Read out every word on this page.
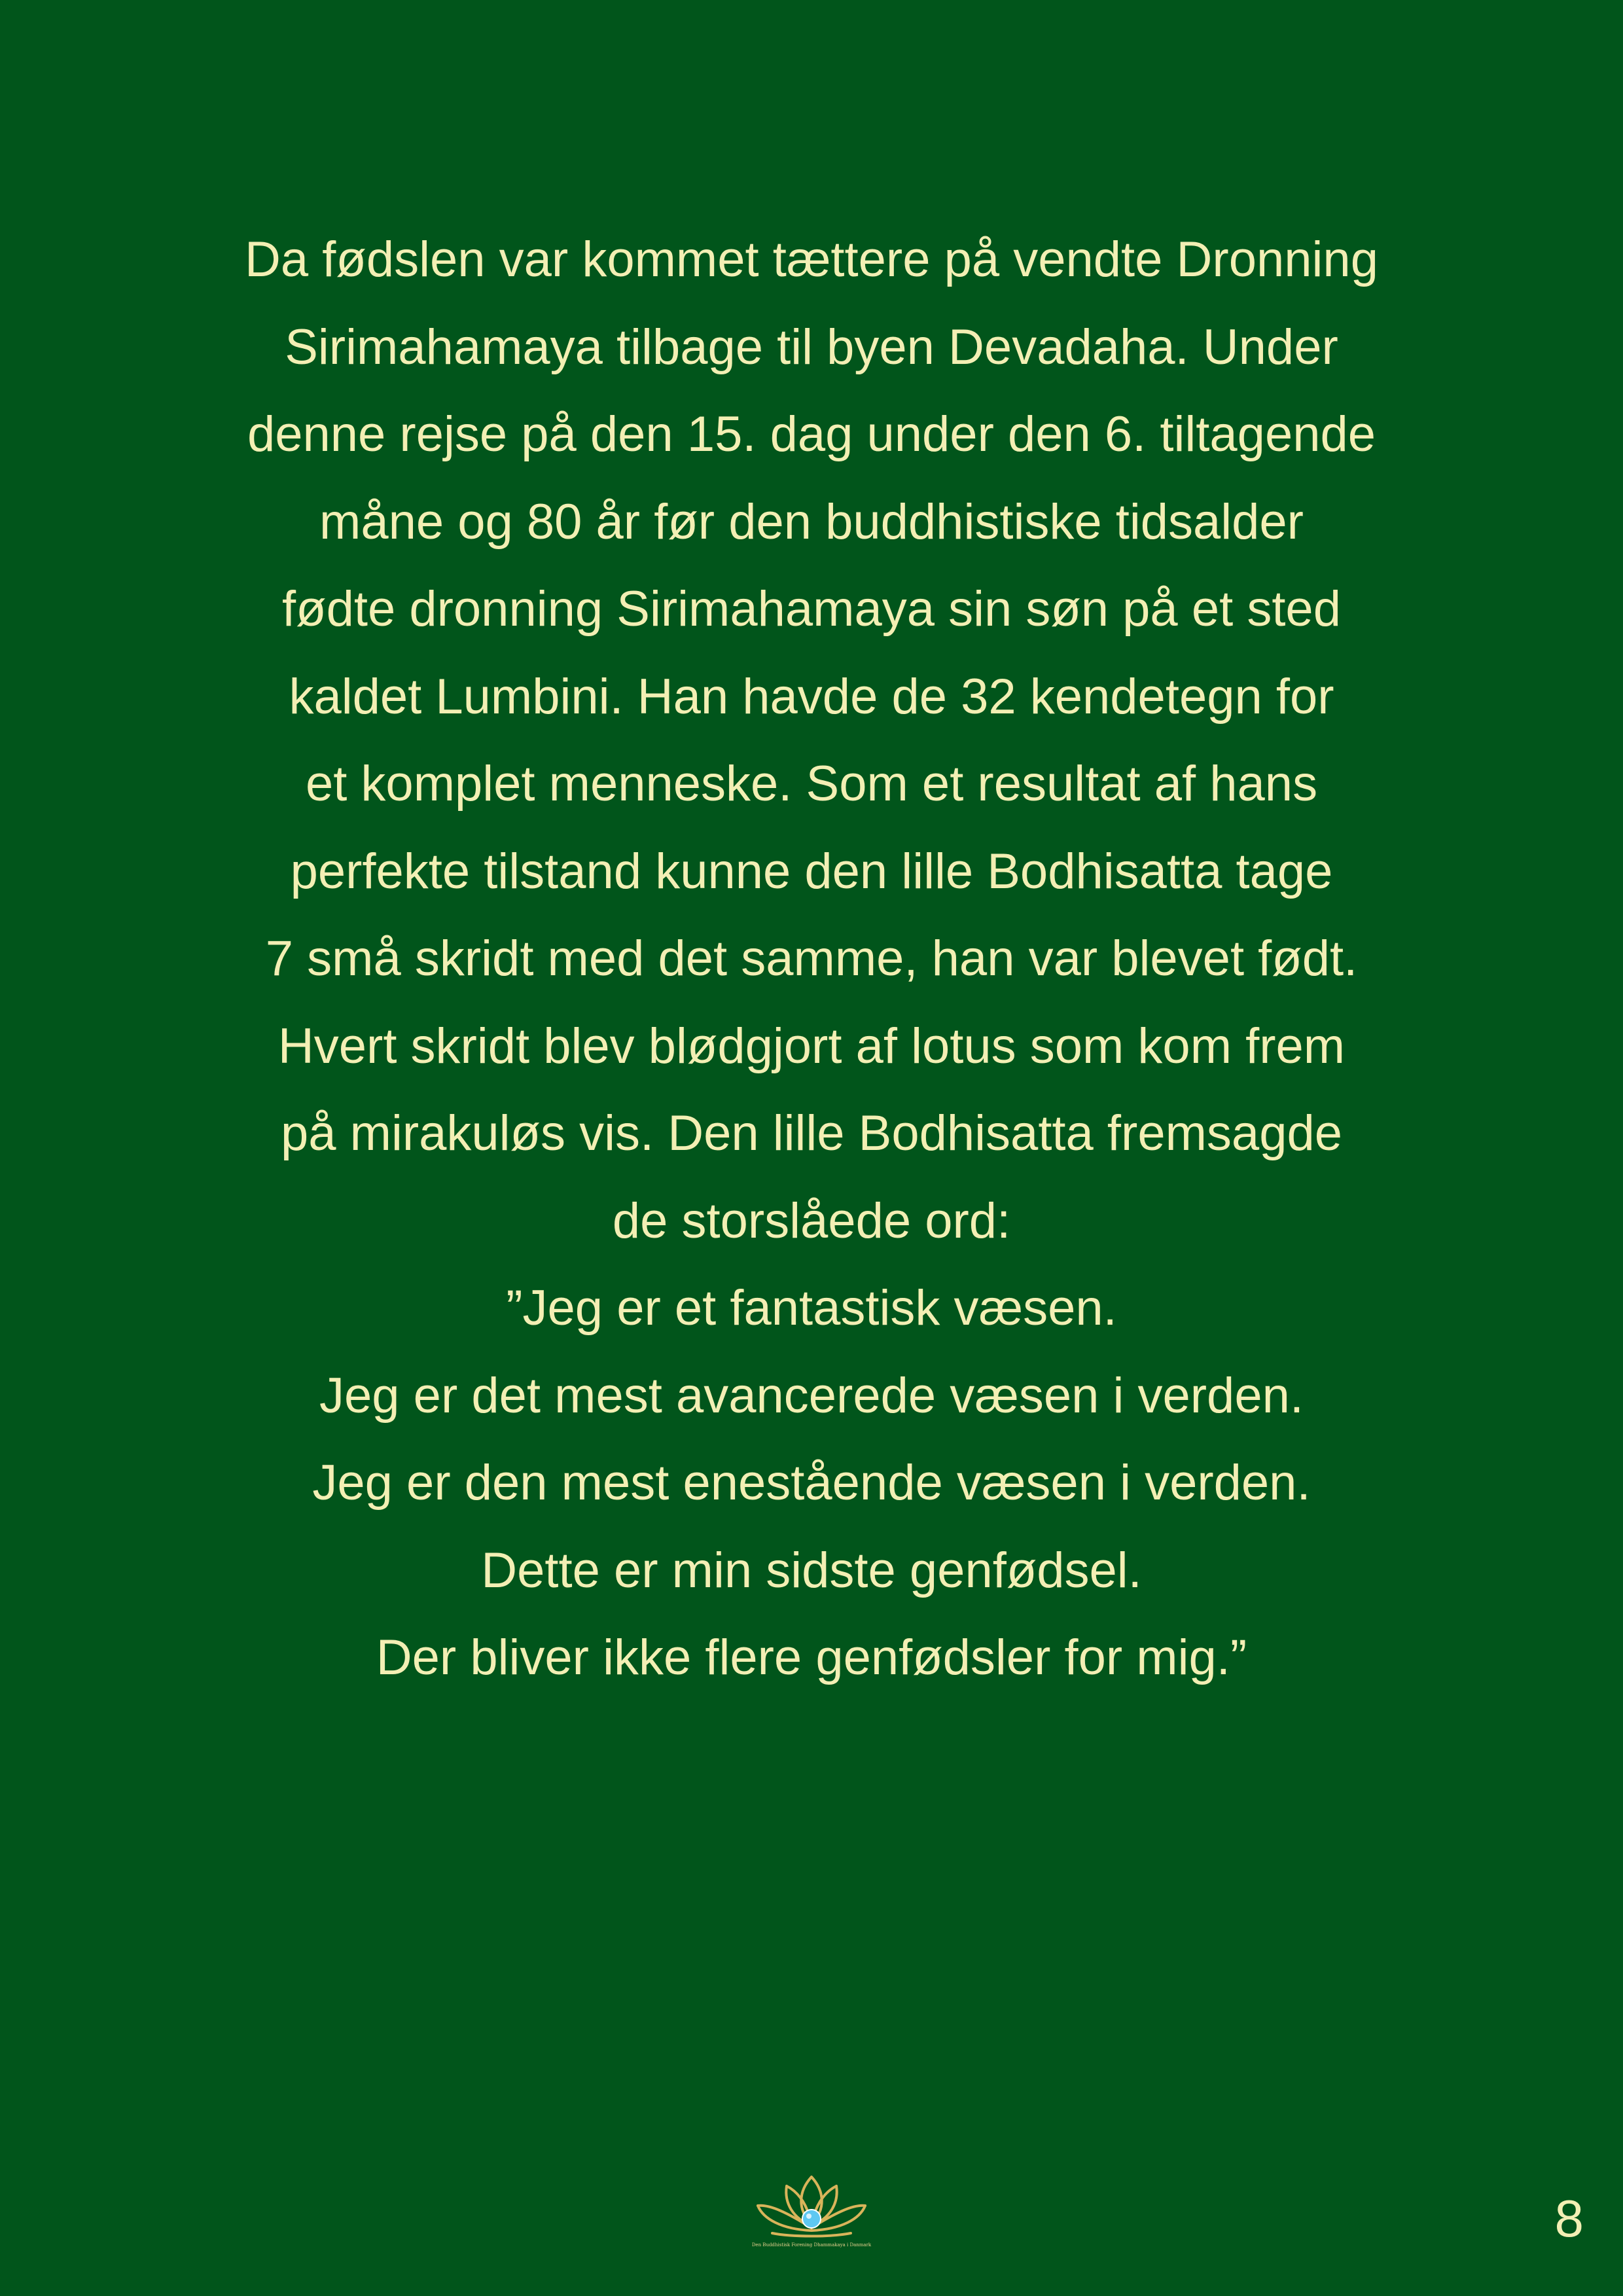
Da fødslen var kommet tættere på vendte Dronning
Sirimahamaya tilbage til byen Devadaha. Under
denne rejse på den 15. dag under den 6. tiltagende
måne og 80 år før den buddhistiske tidsalder
fødte dronning Sirimahamaya sin søn på et sted
kaldet Lumbini. Han havde de 32 kendetegn for
et komplet menneske. Som et resultat af hans
perfekte tilstand kunne den lille Bodhisatta tage
7 små skridt med det samme, han var blevet født.
Hvert skridt blev blødgjort af lotus som kom frem
på mirakuløs vis. Den lille Bodhisatta fremsagde
de storslåede ord:
”Jeg er et fantastisk væsen.
Jeg er det mest avancerede væsen i verden.
Jeg er den mest enestående væsen i verden.
Dette er min sidste genfødsel.
Der bliver ikke flere genfødsler for mig.”
Den Buddhistisk Forening Dhammakaya i Danmark	8
